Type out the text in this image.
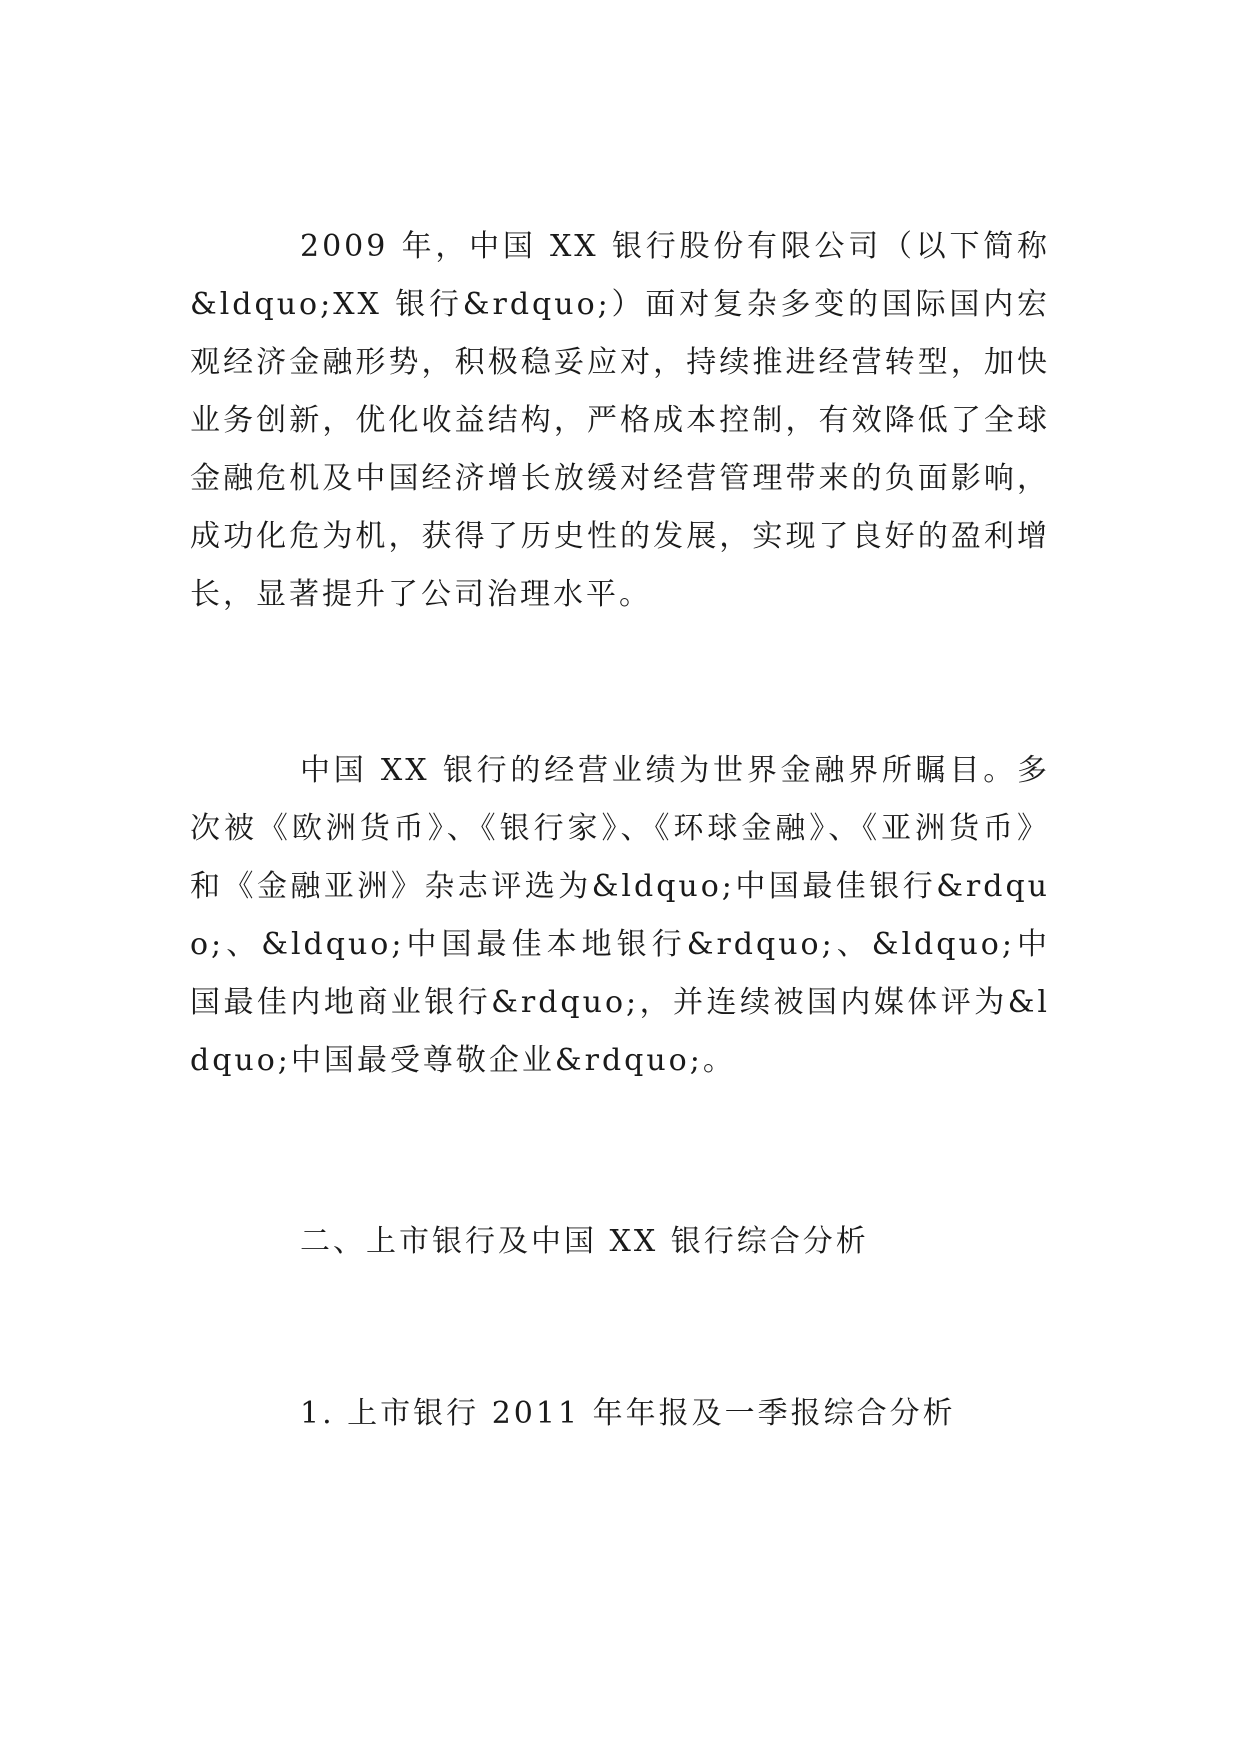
2009 年，中国 XX 银行股份有限公司（以下简称&ldquo;XX 银行&rdquo;）面对复杂多变的国际国内宏观经济金融形势，积极稳妥应对，持续推进经营转型，加快业务创新，优化收益结构，严格成本控制，有效降低了全球金融危机及中国经济增长放缓对经营管理带来的负面影响，成功化危为机，获得了历史性的发展，实现了良好的盈利增长，显著提升了公司治理水平。

中国 XX 银行的经营业绩为世界金融界所瞩目。多次被《欧洲货币》、《银行家》、《环球金融》、《亚洲货币》和《金融亚洲》杂志评选为&ldquo;中国最佳银行&rdquo;、&ldquo;中国最佳本地银行&rdquo;、&ldquo;中国最佳内地商业银行&rdquo;，并连续被国内媒体评为&ldquo;中国最受尊敬企业&rdquo;。

二、上市银行及中国 XX 银行综合分析
1. 上市银行 2011 年年报及一季报综合分析
